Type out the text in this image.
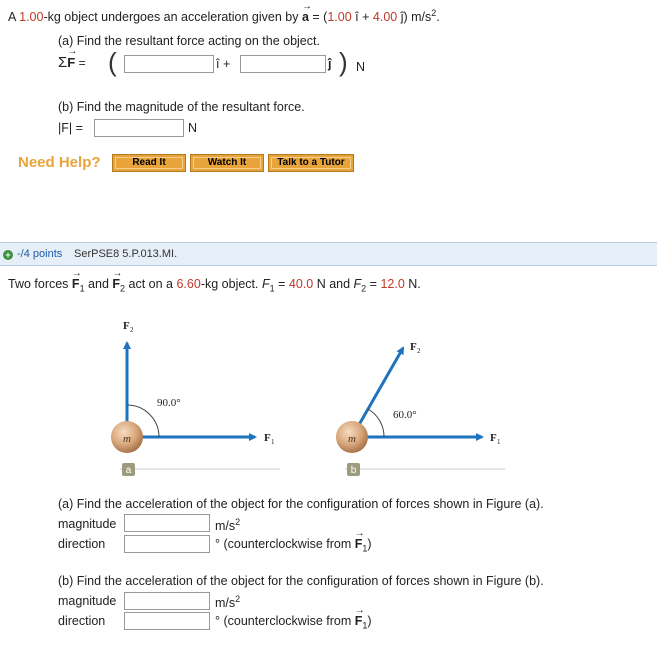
A 1.00-kg object undergoes an acceleration given by → a = (1.00 î + 4.00 ĵ) $m/s^2$.
(a) Find the resultant force acting on the object.
Σ→ F = (	î +	ĵ ) N
(b) Find the magnitude of the resultant force.
|F| =	N
Need Help?	Read It	Watch It	Talk to a Tutor
+ -/4 points SerPSE8 5.P.013.MI.
Two forces → $F_1$ and → $F_2$ act on a 6.60-kg object. $F_1 = 40.0$ N and $F_2 = 12.0$ N.
m
90.0°
F 2
F 1
a
m
60.0°
F 2
F 1
b
(a) Find the acceleration of the object for the configuration of forces shown in Figure (a).
magnitude	$m/s^2$
direction	° (counterclockwise from → $F_1$)
(b) Find the acceleration of the object for the configuration of forces shown in Figure (b).
magnitude	$m/s^2$
direction	° (counterclockwise from → $F_1$)
